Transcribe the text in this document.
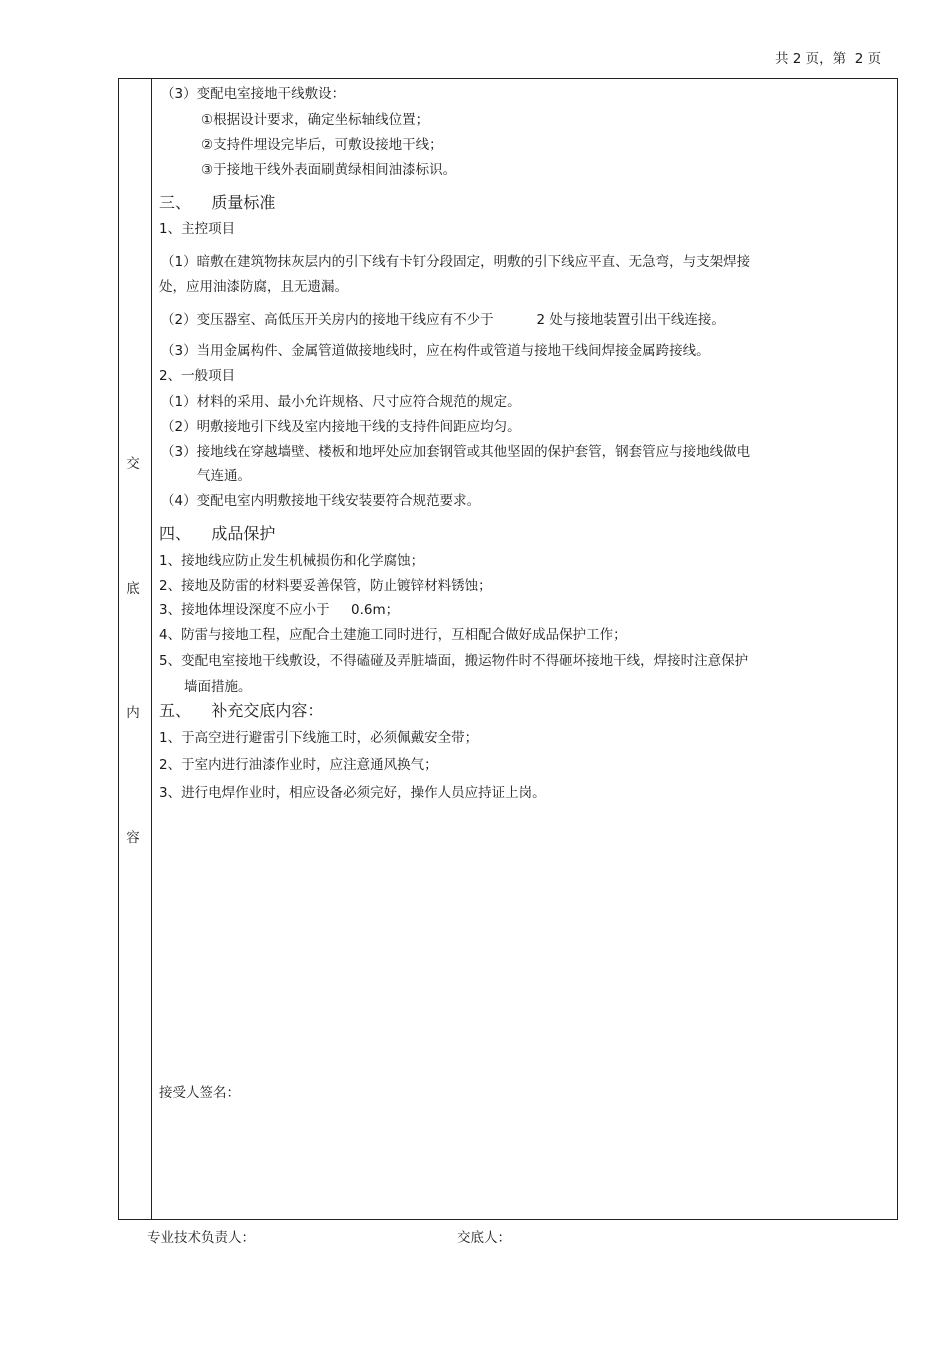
共 2 页，第  2 页
交
底
内
容
（3）变配电室接地干线敷设：
①根据设计要求，确定坐标轴线位置；
②支持件埋设完毕后，可敷设接地干线；
③于接地干线外表面刷黄绿相间油漆标识。
三、    质量标准
1、主控项目
（1）暗敷在建筑物抹灰层内的引下线有卡钉分段固定，明敷的引下线应平直、无急弯，与支架焊接
处，应用油漆防腐，且无遗漏。
（2）变压器室、高低压开关房内的接地干线应有不少于          2 处与接地装置引出干线连接。
（3）当用金属构件、金属管道做接地线时，应在构件或管道与接地干线间焊接金属跨接线。
2、一般项目
（1）材料的采用、最小允许规格、尺寸应符合规范的规定。
（2）明敷接地引下线及室内接地干线的支持件间距应均匀。
（3）接地线在穿越墙壁、楼板和地坪处应加套钢管或其他坚固的保护套管，钢套管应与接地线做电
气连通。
（4）变配电室内明敷接地干线安装要符合规范要求。
四、    成品保护
1、接地线应防止发生机械损伤和化学腐蚀；
2、接地及防雷的材料要妥善保管，防止镀锌材料锈蚀；
3、接地体埋设深度不应小于     0.6m；
4、防雷与接地工程，应配合土建施工同时进行，互相配合做好成品保护工作；
5、变配电室接地干线敷设，不得磕碰及弄脏墙面，搬运物件时不得砸坏接地干线，焊接时注意保护
墙面措施。
五、    补充交底内容：
1、于高空进行避雷引下线施工时，必须佩戴安全带；
2、于室内进行油漆作业时，应注意通风换气；
3、进行电焊作业时，相应设备必须完好，操作人员应持证上岗。
接受人签名：
专业技术负责人：	交底人：
